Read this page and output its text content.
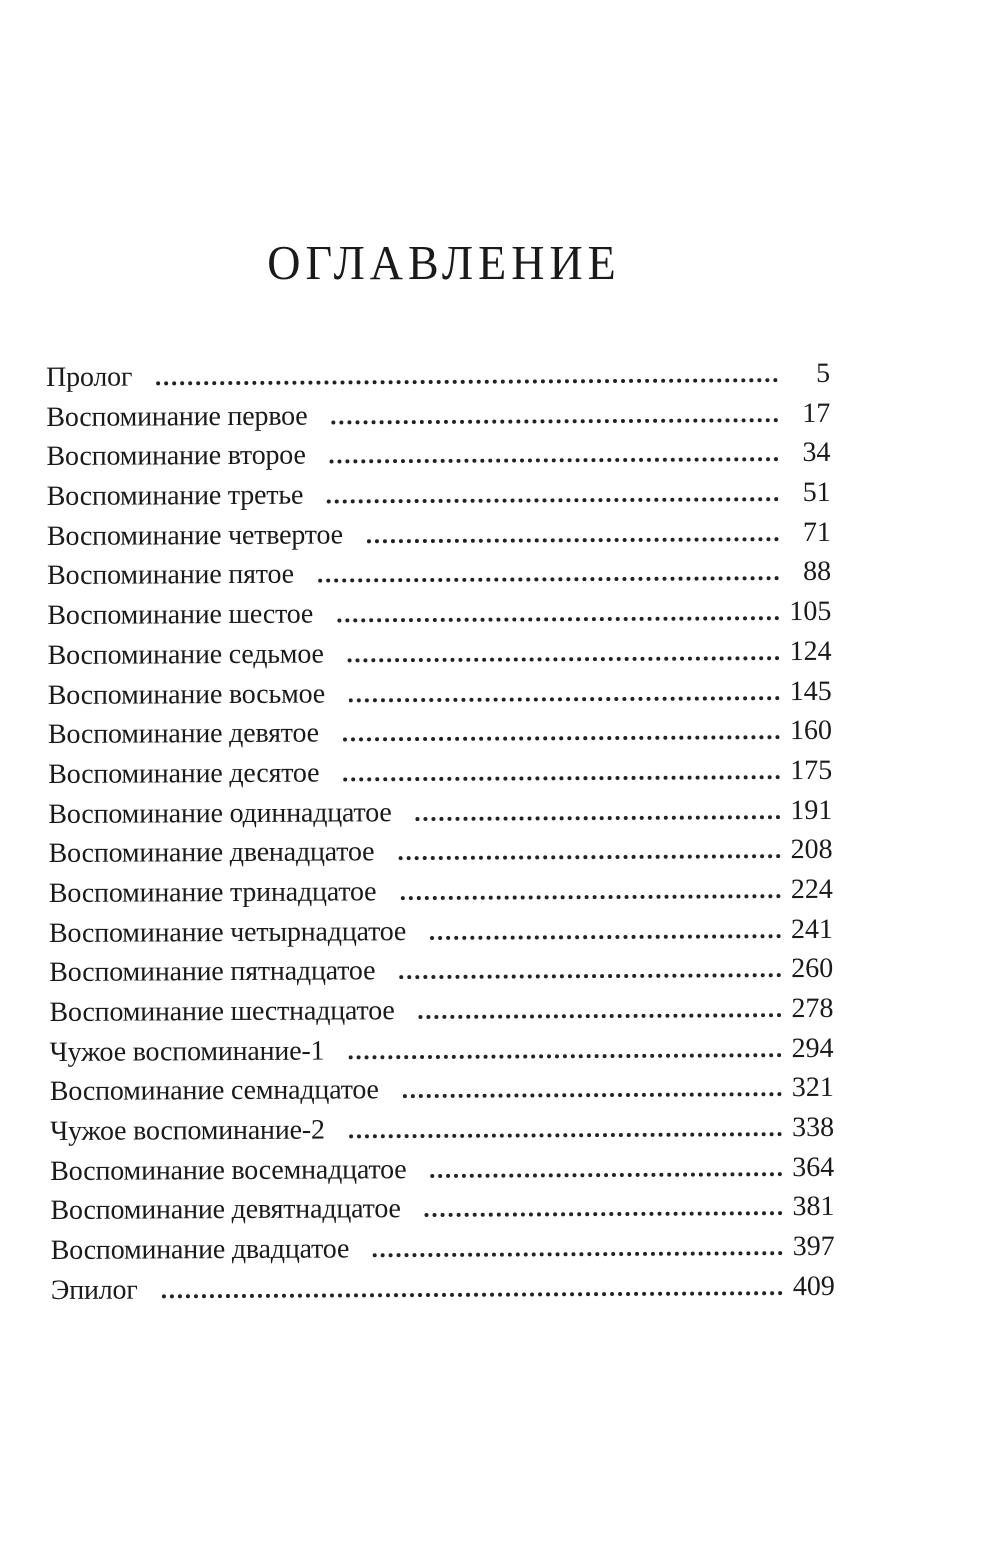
ОГЛАВЛЕНИЕ
Пролог	5
Воспоминание первое	17
Воспоминание второе	34
Воспоминание третье	51
Воспоминание четвертое	71
Воспоминание пятое	88
Воспоминание шестое	105
Воспоминание седьмое	124
Воспоминание восьмое	145
Воспоминание девятое	160
Воспоминание десятое	175
Воспоминание одиннадцатое	191
Воспоминание двенадцатое	208
Воспоминание тринадцатое	224
Воспоминание четырнадцатое	241
Воспоминание пятнадцатое	260
Воспоминание шестнадцатое	278
Чужое воспоминание-1	294
Воспоминание семнадцатое	321
Чужое воспоминание-2	338
Воспоминание восемнадцатое	364
Воспоминание девятнадцатое	381
Воспоминание двадцатое	397
Эпилог	409
